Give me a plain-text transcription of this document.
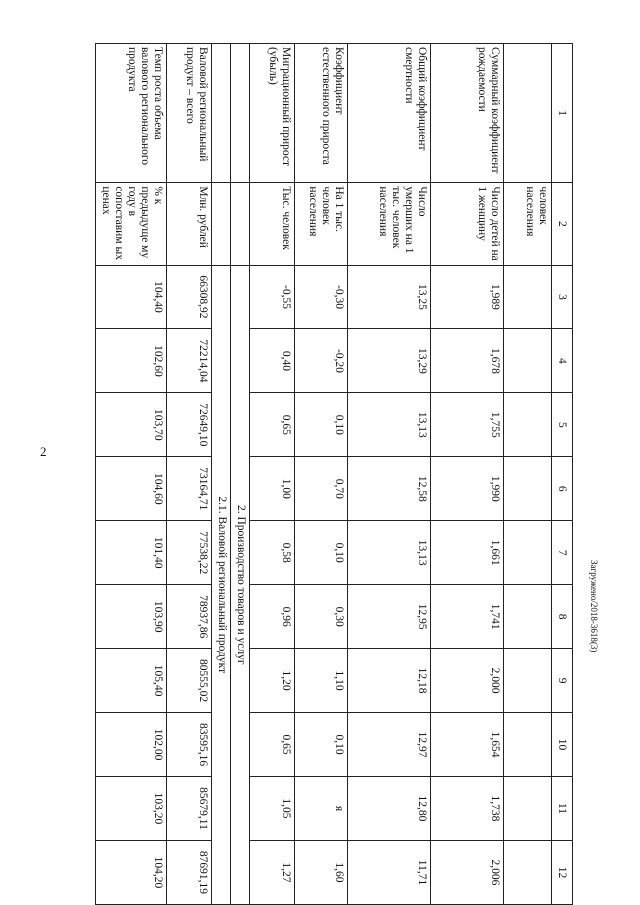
2
1	2	3	4	5	6	7	8	9	10	11	12
	человек населения										
Суммарный коэффициент рождаемости	Число детей на 1 женщину	1,989	1,678	1,755	1,990	1,661	1,741	2,000	1,654	1,738	2,006
Общий коэффициент смертности	Число умерших на 1 тыс. человек населения	13,25	13,29	13,13	12,58	13,13	12,95	12,18	12,97	12,80	11,71
Коэффициент естественного прироста	На 1 тыс. человек населения	-0,30	-0,20	0,10	0,70	0,10	0,30	1,10	0,10	я	1,60
Миграционный прирост (убыль)	Тыс. человек	-0,55	0,40	0,65	1,00	0,58	0,96	1,20	0,65	1,05	1,27
		2. Производство товаров и услуг									
		2.1. Валовой региональный продукт									
Валовой региональный продукт – всего	Млн. рублей	66308,92	72214,04	72649,10	73164,71	77538,22	78937,86	80555,02	83595,16	85679,11	87691,19
Темп роста объема валового регионального продукта	% к предыдуще му году в сопоставим ых ценах	104,40	102,60	103,70	104,60	101,40	103,90	105,40	102,00	103,20	104,20
Загружено/2018-3618(3)
